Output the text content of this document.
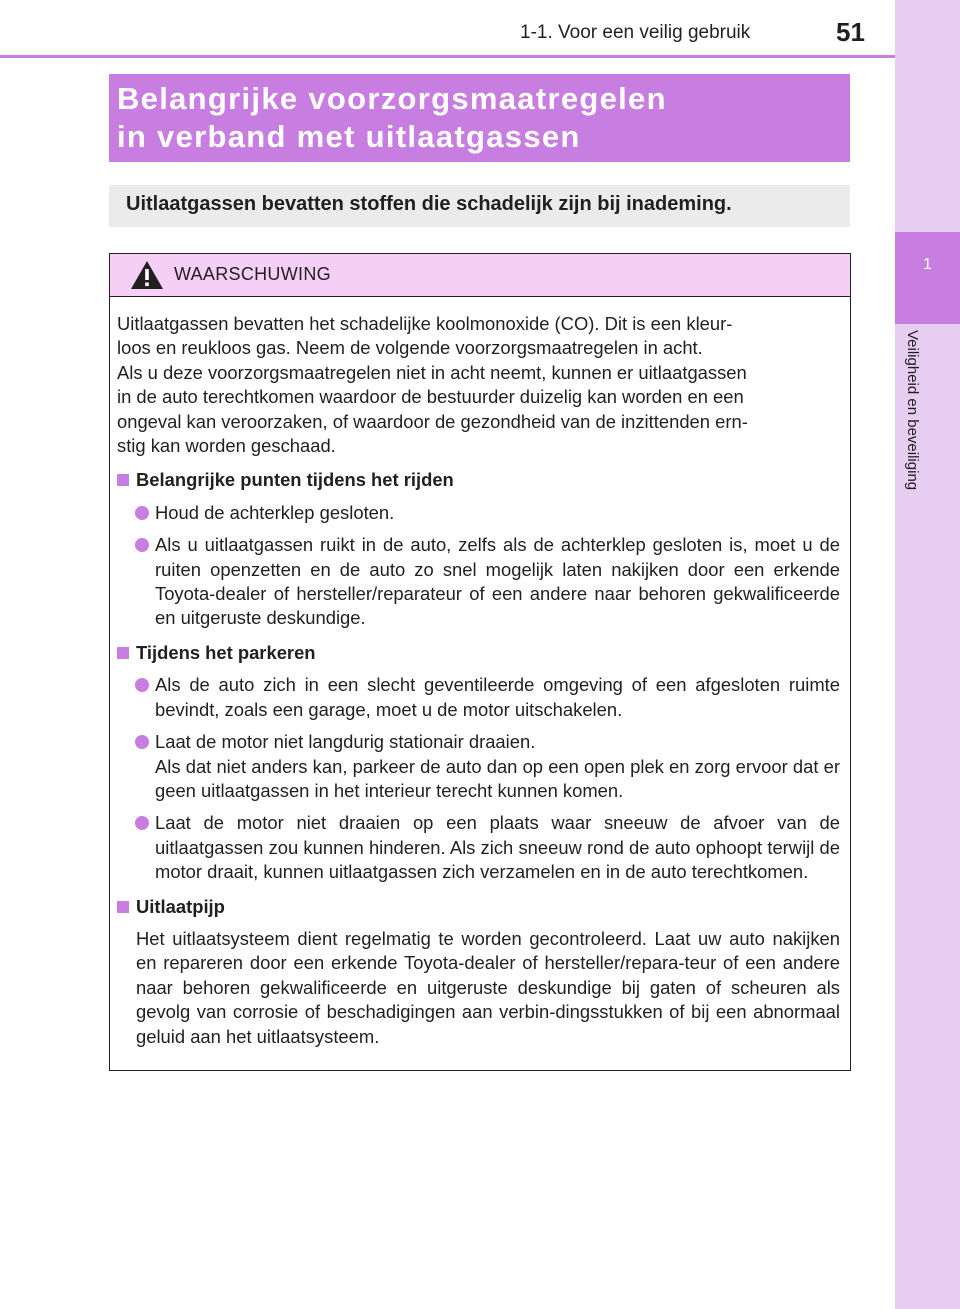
1-1. Voor een veilig gebruik	51
1
Veiligheid en beveiliging
Belangrijke voorzorgsmaatregelen
in verband met uitlaatgassen
Uitlaatgassen bevatten stoffen die schadelijk zijn bij inademing.
WAARSCHUWING
Uitlaatgassen bevatten het schadelijke koolmonoxide (CO). Dit is een kleur-
loos en reukloos gas. Neem de volgende voorzorgsmaatregelen in acht.
Als u deze voorzorgsmaatregelen niet in acht neemt, kunnen er uitlaatgassen
in de auto terechtkomen waardoor de bestuurder duizelig kan worden en een
ongeval kan veroorzaken, of waardoor de gezondheid van de inzittenden ern-
stig kan worden geschaad.
Belangrijke punten tijdens het rijden
Houd de achterklep gesloten.
Als u uitlaatgassen ruikt in de auto, zelfs als de achterklep gesloten is, moet u de ruiten openzetten en de auto zo snel mogelijk laten nakijken door een erkende Toyota-dealer of hersteller/reparateur of een andere naar behoren gekwalificeerde en uitgeruste deskundige.
Tijdens het parkeren
Als de auto zich in een slecht geventileerde omgeving of een afgesloten ruimte bevindt, zoals een garage, moet u de motor uitschakelen.
Laat de motor niet langdurig stationair draaien.
Als dat niet anders kan, parkeer de auto dan op een open plek en zorg ervoor dat er geen uitlaatgassen in het interieur terecht kunnen komen.
Laat de motor niet draaien op een plaats waar sneeuw de afvoer van de uitlaatgassen zou kunnen hinderen. Als zich sneeuw rond de auto ophoopt terwijl de motor draait, kunnen uitlaatgassen zich verzamelen en in de auto terechtkomen.
Uitlaatpijp
Het uitlaatsysteem dient regelmatig te worden gecontroleerd. Laat uw auto nakijken en repareren door een erkende Toyota-dealer of hersteller/repara-teur of een andere naar behoren gekwalificeerde en uitgeruste deskundige bij gaten of scheuren als gevolg van corrosie of beschadigingen aan verbin-dingsstukken of bij een abnormaal geluid aan het uitlaatsysteem.
